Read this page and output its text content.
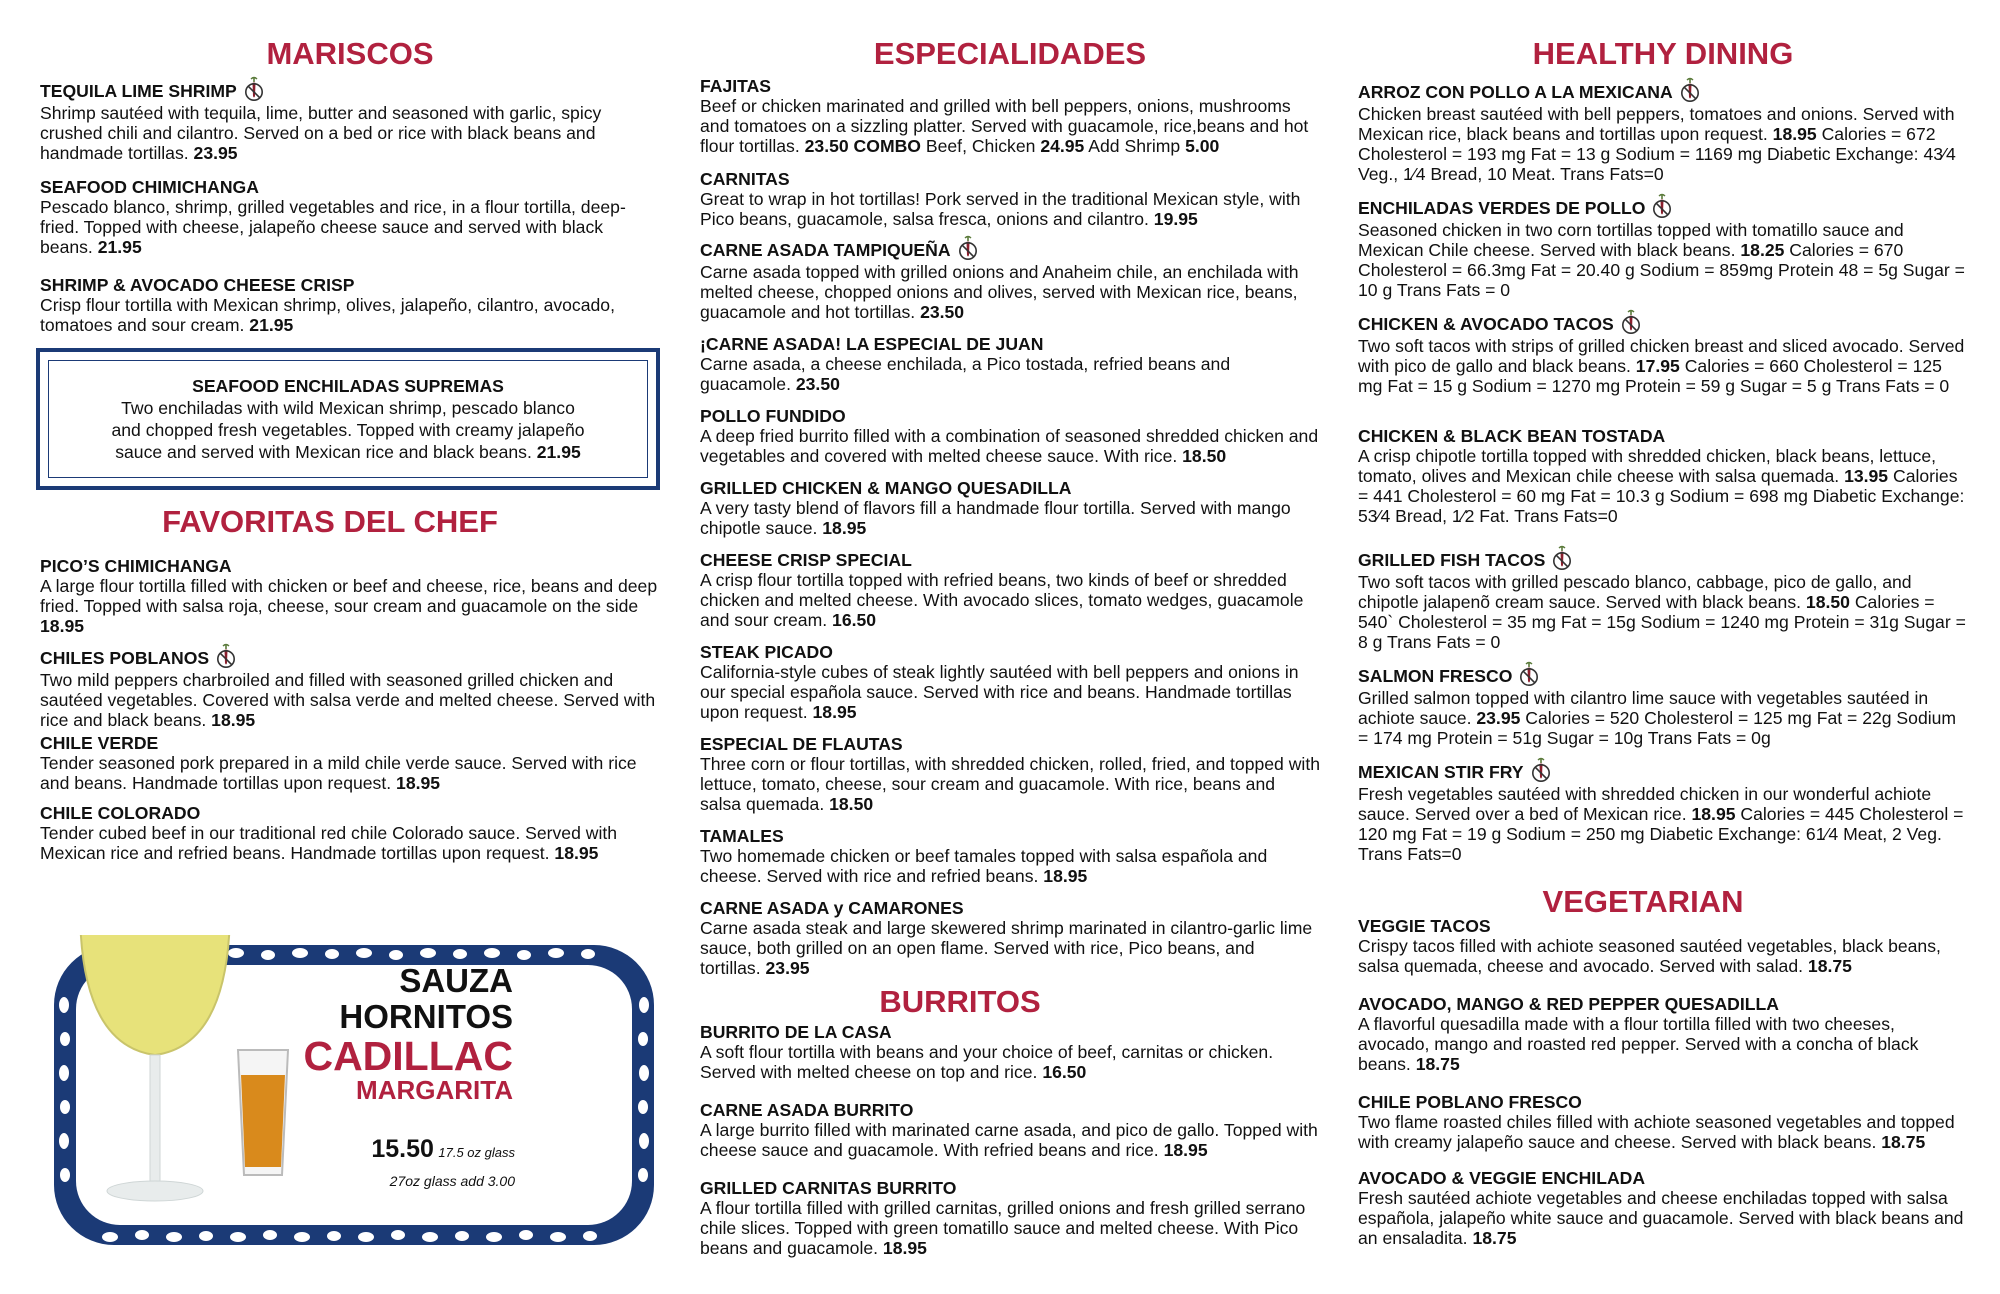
MARISCOS
TEQUILA LIME SHRIMP
Shrimp sautéed with tequila, lime, butter and seasoned with garlic, spicy crushed chili and cilantro. Served on a bed or rice with black beans and handmade tortillas. 23.95
SEAFOOD CHIMICHANGA
Pescado blanco, shrimp, grilled vegetables and rice, in a flour tortilla, deep-fried. Topped with cheese, jalapeño cheese sauce and served with black beans. 21.95
SHRIMP & AVOCADO CHEESE CRISP
Crisp flour tortilla with Mexican shrimp, olives, jalapeño, cilantro, avocado, tomatoes and sour cream. 21.95
SEAFOOD ENCHILADAS SUPREMAS
Two enchiladas with wild Mexican shrimp, pescado blanco and chopped fresh vegetables. Topped with creamy jalapeño sauce and served with Mexican rice and black beans. 21.95
FAVORITAS DEL CHEF
PICO’S CHIMICHANGA
A large flour tortilla filled with chicken or beef and cheese, rice, beans and deep fried. Topped with salsa roja, cheese, sour cream and guacamole on the side 18.95
CHILES POBLANOS
Two mild peppers charbroiled and filled with seasoned grilled chicken and sautéed vegetables. Covered with salsa verde and melted cheese. Served with rice and black beans. 18.95
CHILE VERDE
Tender seasoned pork prepared in a mild chile verde sauce. Served with rice and beans. Handmade tortillas upon request. 18.95
CHILE COLORADO
Tender cubed beef in our traditional red chile Colorado sauce. Served with Mexican rice and refried beans. Handmade tortillas upon request. 18.95
SAUZA
HORNITOS
CADILLAC
MARGARITA
15.50 17.5 oz glass
27oz glass add 3.00
ESPECIALIDADES
FAJITAS
Beef or chicken marinated and grilled with bell peppers, onions, mushrooms and tomatoes on a sizzling platter. Served with guacamole, rice,beans and hot flour tortillas. 23.50 COMBO Beef, Chicken 24.95 Add Shrimp 5.00
CARNITAS
Great to wrap in hot tortillas! Pork served in the traditional Mexican style, with Pico beans, guacamole, salsa fresca, onions and cilantro. 19.95
CARNE ASADA TAMPIQUEÑA
Carne asada topped with grilled onions and Anaheim chile, an enchilada with melted cheese, chopped onions and olives, served with Mexican rice, beans, guacamole and hot tortillas. 23.50
¡CARNE ASADA! LA ESPECIAL DE JUAN
Carne asada, a cheese enchilada, a Pico tostada, refried beans and guacamole. 23.50
POLLO FUNDIDO
A deep fried burrito filled with a combination of seasoned shredded chicken and vegetables and covered with melted cheese sauce. With rice. 18.50
GRILLED CHICKEN & MANGO QUESADILLA
A very tasty blend of flavors fill a handmade flour tortilla. Served with mango chipotle sauce. 18.95
CHEESE CRISP SPECIAL
A crisp flour tortilla topped with refried beans, two kinds of beef or shredded chicken and melted cheese. With avocado slices, tomato wedges, guacamole and sour cream. 16.50
STEAK PICADO
California-style cubes of steak lightly sautéed with bell peppers and onions in our special española sauce. Served with rice and beans. Handmade tortillas upon request. 18.95
ESPECIAL DE FLAUTAS
Three corn or flour tortillas, with shredded chicken, rolled, fried, and topped with lettuce, tomato, cheese, sour cream and guacamole. With rice, beans and salsa quemada. 18.50
TAMALES
Two homemade chicken or beef tamales topped with salsa española and cheese. Served with rice and refried beans. 18.95
CARNE ASADA y CAMARONES
Carne asada steak and large skewered shrimp marinated in cilantro-garlic lime sauce, both grilled on an open flame. Served with rice, Pico beans, and tortillas. 23.95
BURRITOS
BURRITO DE LA CASA
A soft flour tortilla with beans and your choice of beef, carnitas or chicken. Served with melted cheese on top and rice. 16.50
CARNE ASADA BURRITO
A large burrito filled with marinated carne asada, and pico de gallo. Topped with cheese sauce and guacamole. With refried beans and rice. 18.95
GRILLED CARNITAS BURRITO
A flour tortilla filled with grilled carnitas, grilled onions and fresh grilled serrano chile slices. Topped with green tomatillo sauce and melted cheese. With Pico beans and guacamole. 18.95
HEALTHY DINING
ARROZ CON POLLO A LA MEXICANA
Chicken breast sautéed with bell peppers, tomatoes and onions. Served with Mexican rice, black beans and tortillas upon request. 18.95 Calories = 672 Cholesterol = 193 mg Fat = 13 g Sodium = 1169 mg Diabetic Exchange: 43⁄4 Veg., 1⁄4 Bread, 10 Meat. Trans Fats=0
ENCHILADAS VERDES DE POLLO
Seasoned chicken in two corn tortillas topped with tomatillo sauce and Mexican Chile cheese. Served with black beans. 18.25 Calories = 670 Cholesterol = 66.3mg Fat = 20.40 g Sodium = 859mg Protein 48 = 5g Sugar = 10 g Trans Fats = 0
CHICKEN & AVOCADO TACOS
Two soft tacos with strips of grilled chicken breast and sliced avocado. Served with pico de gallo and black beans. 17.95 Calories = 660 Cholesterol = 125 mg Fat = 15 g Sodium = 1270 mg Protein = 59 g Sugar = 5 g Trans Fats = 0
CHICKEN & BLACK BEAN TOSTADA
A crisp chipotle tortilla topped with shredded chicken, black beans, lettuce, tomato, olives and Mexican chile cheese with salsa quemada. 13.95 Calories = 441 Cholesterol = 60 mg Fat = 10.3 g Sodium = 698 mg Diabetic Exchange: 53⁄4 Bread, 1⁄2 Fat. Trans Fats=0
GRILLED FISH TACOS
Two soft tacos with grilled pescado blanco, cabbage, pico de gallo, and chipotle jalapenõ cream sauce. Served with black beans. 18.50 Calories = 540` Cholesterol = 35 mg Fat = 15g Sodium = 1240 mg Protein = 31g Sugar = 8 g Trans Fats = 0
SALMON FRESCO
Grilled salmon topped with cilantro lime sauce with vegetables sautéed in achiote sauce. 23.95 Calories = 520 Cholesterol = 125 mg Fat = 22g Sodium = 174 mg Protein = 51g Sugar = 10g Trans Fats = 0g
MEXICAN STIR FRY
Fresh vegetables sautéed with shredded chicken in our wonderful achiote sauce. Served over a bed of Mexican rice. 18.95 Calories = 445 Cholesterol = 120 mg Fat = 19 g Sodium = 250 mg Diabetic Exchange: 61⁄4 Meat, 2 Veg. Trans Fats=0
VEGETARIAN
VEGGIE TACOS
Crispy tacos filled with achiote seasoned sautéed vegetables, black beans, salsa quemada, cheese and avocado. Served with salad. 18.75
AVOCADO, MANGO & RED PEPPER QUESADILLA
A flavorful quesadilla made with a flour tortilla filled with two cheeses, avocado, mango and roasted red pepper. Served with a concha of black beans. 18.75
CHILE POBLANO FRESCO
Two flame roasted chiles filled with achiote seasoned vegetables and topped with creamy jalapeño sauce and cheese. Served with black beans. 18.75
AVOCADO & VEGGIE ENCHILADA
Fresh sautéed achiote vegetables and cheese enchiladas topped with salsa española, jalapeño white sauce and guacamole. Served with black beans and an ensaladita. 18.75
